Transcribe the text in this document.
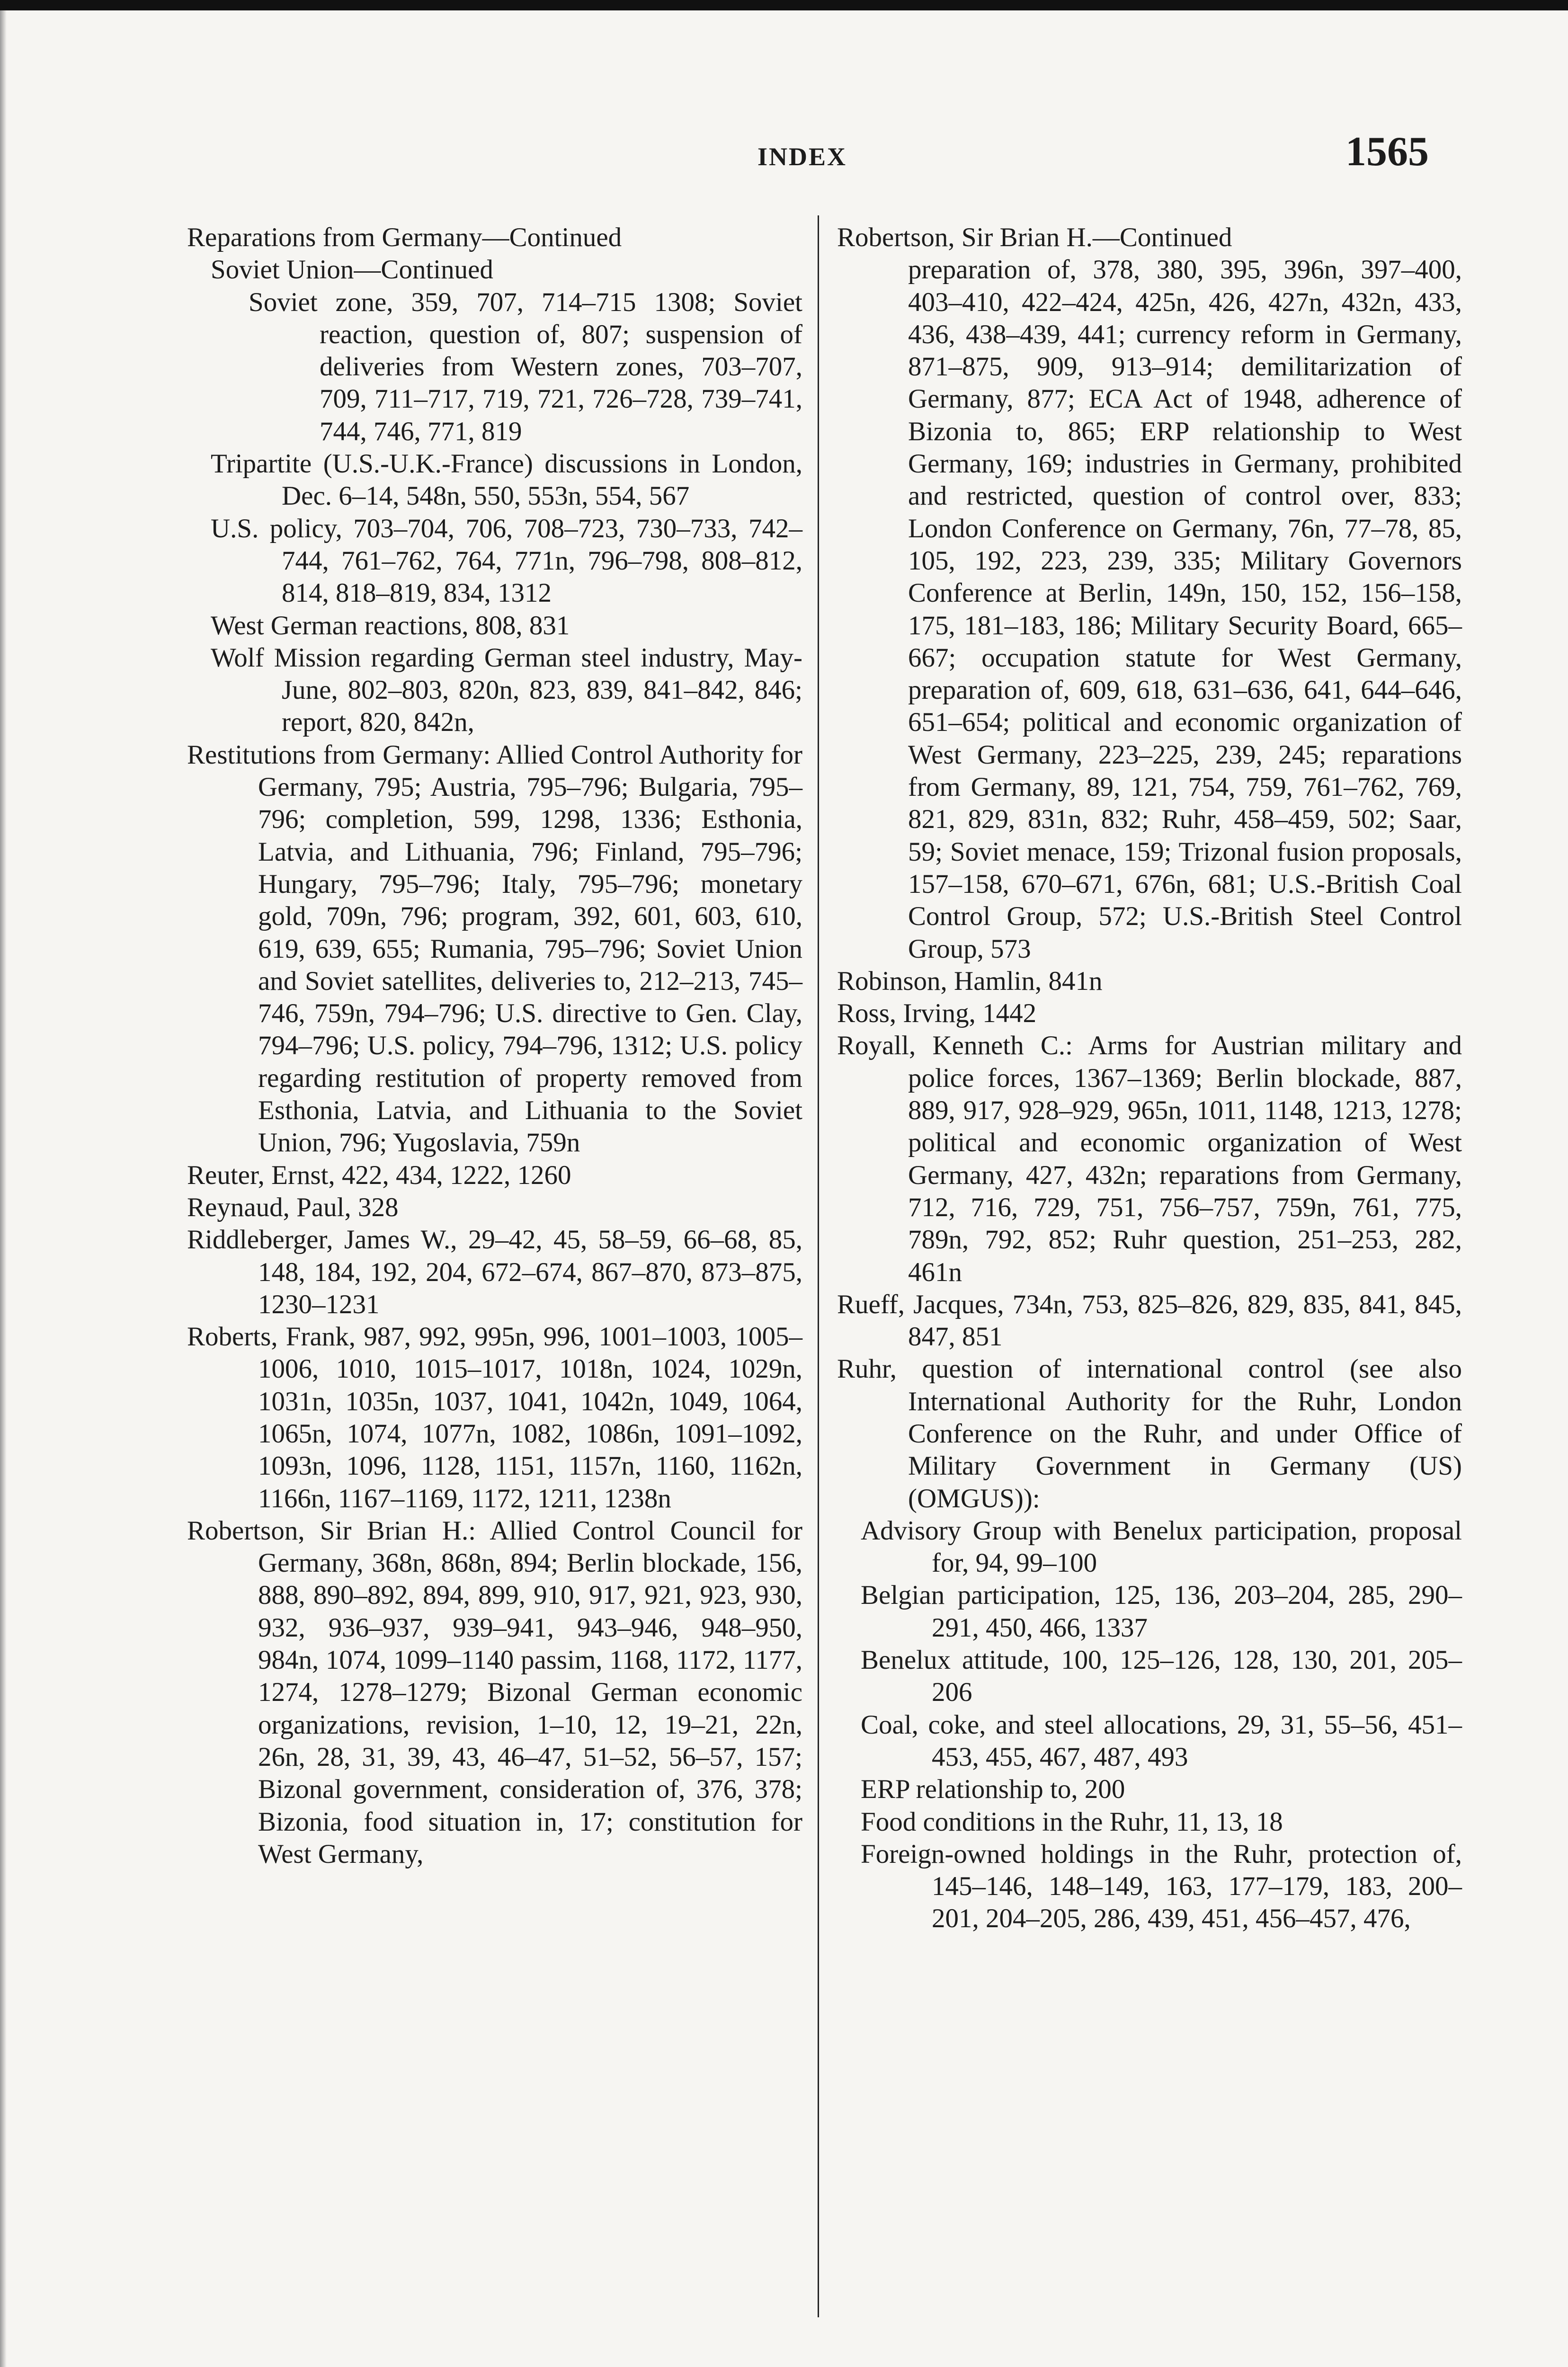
INDEX	1565

Reparations from Germany—Continued

Soviet Union—Continued

Soviet zone, 359, 707, 714–715 1308; Soviet reaction, question of, 807; suspension of deliveries from Western zones, 703–707, 709, 711–717, 719, 721, 726–728, 739–741, 744, 746, 771, 819

Tripartite (U.S.-U.K.-France) discussions in London, Dec. 6–14, 548n, 550, 553n, 554, 567

U.S. policy, 703–704, 706, 708–723, 730–733, 742–744, 761–762, 764, 771n, 796–798, 808–812, 814, 818–819, 834, 1312

West German reactions, 808, 831

Wolf Mission regarding German steel industry, May-June, 802–803, 820n, 823, 839, 841–842, 846; report, 820, 842n,

Restitutions from Germany: Allied Control Authority for Germany, 795; Austria, 795–796; Bulgaria, 795–796; completion, 599, 1298, 1336; Esthonia, Latvia, and Lithuania, 796; Finland, 795–796; Hungary, 795–796; Italy, 795–796; monetary gold, 709n, 796; program, 392, 601, 603, 610, 619, 639, 655; Rumania, 795–796; Soviet Union and Soviet satellites, deliveries to, 212–213, 745–746, 759n, 794–796; U.S. directive to Gen. Clay, 794–796; U.S. policy, 794–796, 1312; U.S. policy regarding restitution of property removed from Esthonia, Latvia, and Lithuania to the Soviet Union, 796; Yugoslavia, 759n

Reuter, Ernst, 422, 434, 1222, 1260

Reynaud, Paul, 328

Riddleberger, James W., 29–42, 45, 58–59, 66–68, 85, 148, 184, 192, 204, 672–674, 867–870, 873–875, 1230–1231

Roberts, Frank, 987, 992, 995n, 996, 1001–1003, 1005–1006, 1010, 1015–1017, 1018n, 1024, 1029n, 1031n, 1035n, 1037, 1041, 1042n, 1049, 1064, 1065n, 1074, 1077n, 1082, 1086n, 1091–1092, 1093n, 1096, 1128, 1151, 1157n, 1160, 1162n, 1166n, 1167–1169, 1172, 1211, 1238n

Robertson, Sir Brian H.: Allied Control Council for Germany, 368n, 868n, 894; Berlin blockade, 156, 888, 890–892, 894, 899, 910, 917, 921, 923, 930, 932, 936–937, 939–941, 943–946, 948–950, 984n, 1074, 1099–1140 passim, 1168, 1172, 1177, 1274, 1278–1279; Bizonal German economic organizations, revision, 1–10, 12, 19–21, 22n, 26n, 28, 31, 39, 43, 46–47, 51–52, 56–57, 157; Bizonal government, consideration of, 376, 378; Bizonia, food situation in, 17; constitution for West Germany,

Robertson, Sir Brian H.—Continued

preparation of, 378, 380, 395, 396n, 397–400, 403–410, 422–424, 425n, 426, 427n, 432n, 433, 436, 438–439, 441; currency reform in Germany, 871–875, 909, 913–914; demilitarization of Germany, 877; ECA Act of 1948, adherence of Bizonia to, 865; ERP relationship to West Germany, 169; industries in Germany, prohibited and restricted, question of control over, 833; London Conference on Germany, 76n, 77–78, 85, 105, 192, 223, 239, 335; Military Governors Conference at Berlin, 149n, 150, 152, 156–158, 175, 181–183, 186; Military Security Board, 665–667; occupation statute for West Germany, preparation of, 609, 618, 631–636, 641, 644–646, 651–654; political and economic organization of West Germany, 223–225, 239, 245; reparations from Germany, 89, 121, 754, 759, 761–762, 769, 821, 829, 831n, 832; Ruhr, 458–459, 502; Saar, 59; Soviet menace, 159; Trizonal fusion proposals, 157–158, 670–671, 676n, 681; U.S.-British Coal Control Group, 572; U.S.-British Steel Control Group, 573

Robinson, Hamlin, 841n

Ross, Irving, 1442

Royall, Kenneth C.: Arms for Austrian military and police forces, 1367–1369; Berlin blockade, 887, 889, 917, 928–929, 965n, 1011, 1148, 1213, 1278; political and economic organization of West Germany, 427, 432n; reparations from Germany, 712, 716, 729, 751, 756–757, 759n, 761, 775, 789n, 792, 852; Ruhr question, 251–253, 282, 461n

Rueff, Jacques, 734n, 753, 825–826, 829, 835, 841, 845, 847, 851

Ruhr, question of international control (see also International Authority for the Ruhr, London Conference on the Ruhr, and under Office of Military Government in Germany (US) (OMGUS)):

Advisory Group with Benelux participation, proposal for, 94, 99–100

Belgian participation, 125, 136, 203–204, 285, 290–291, 450, 466, 1337

Benelux attitude, 100, 125–126, 128, 130, 201, 205–206

Coal, coke, and steel allocations, 29, 31, 55–56, 451–453, 455, 467, 487, 493

ERP relationship to, 200

Food conditions in the Ruhr, 11, 13, 18

Foreign-owned holdings in the Ruhr, protection of, 145–146, 148–149, 163, 177–179, 183, 200–201, 204–205, 286, 439, 451, 456–457, 476,
